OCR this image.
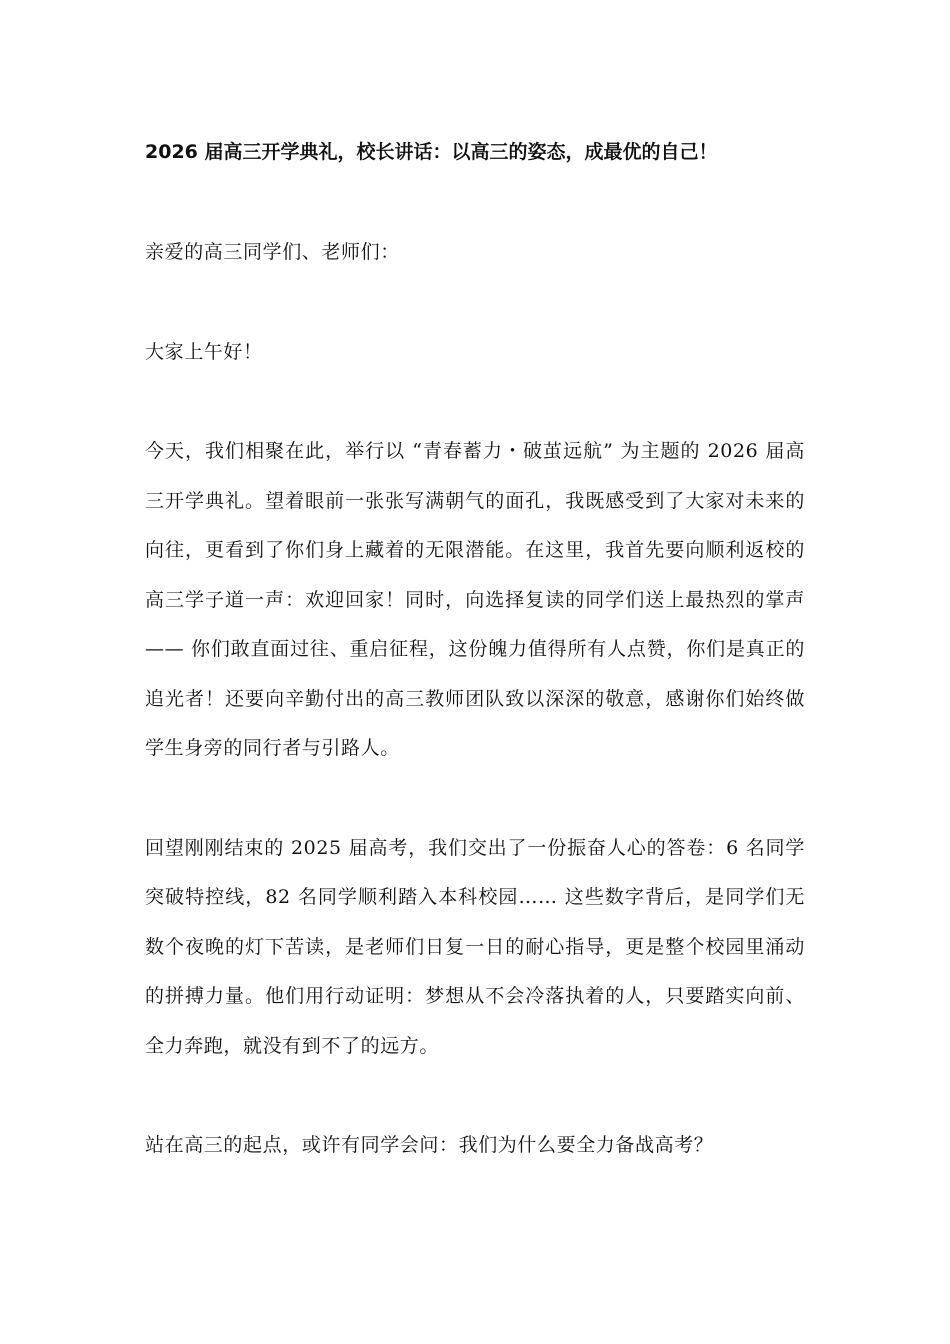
2026 届高三开学典礼，校长讲话：以高三的姿态，成最优的自己！

亲爱的高三同学们、老师们：

大家上午好！

今天，我们相聚在此，举行以 “青春蓄力・破茧远航” 为主题的 2026 届高三开学典礼。望着眼前一张张写满朝气的面孔，我既感受到了大家对未来的向往，更看到了你们身上藏着的无限潜能。在这里，我首先要向顺利返校的高三学子道一声：欢迎回家！同时，向选择复读的同学们送上最热烈的掌声 —— 你们敢直面过往、重启征程，这份魄力值得所有人点赞，你们是真正的追光者！还要向辛勤付出的高三教师团队致以深深的敬意，感谢你们始终做学生身旁的同行者与引路人。

回望刚刚结束的 2025 届高考，我们交出了一份振奋人心的答卷：6 名同学突破特控线，82 名同学顺利踏入本科校园…… 这些数字背后，是同学们无数个夜晚的灯下苦读，是老师们日复一日的耐心指导，更是整个校园里涌动的拼搏力量。他们用行动证明：梦想从不会冷落执着的人，只要踏实向前、全力奔跑，就没有到不了的远方。

站在高三的起点，或许有同学会问：我们为什么要全力备战高考？
